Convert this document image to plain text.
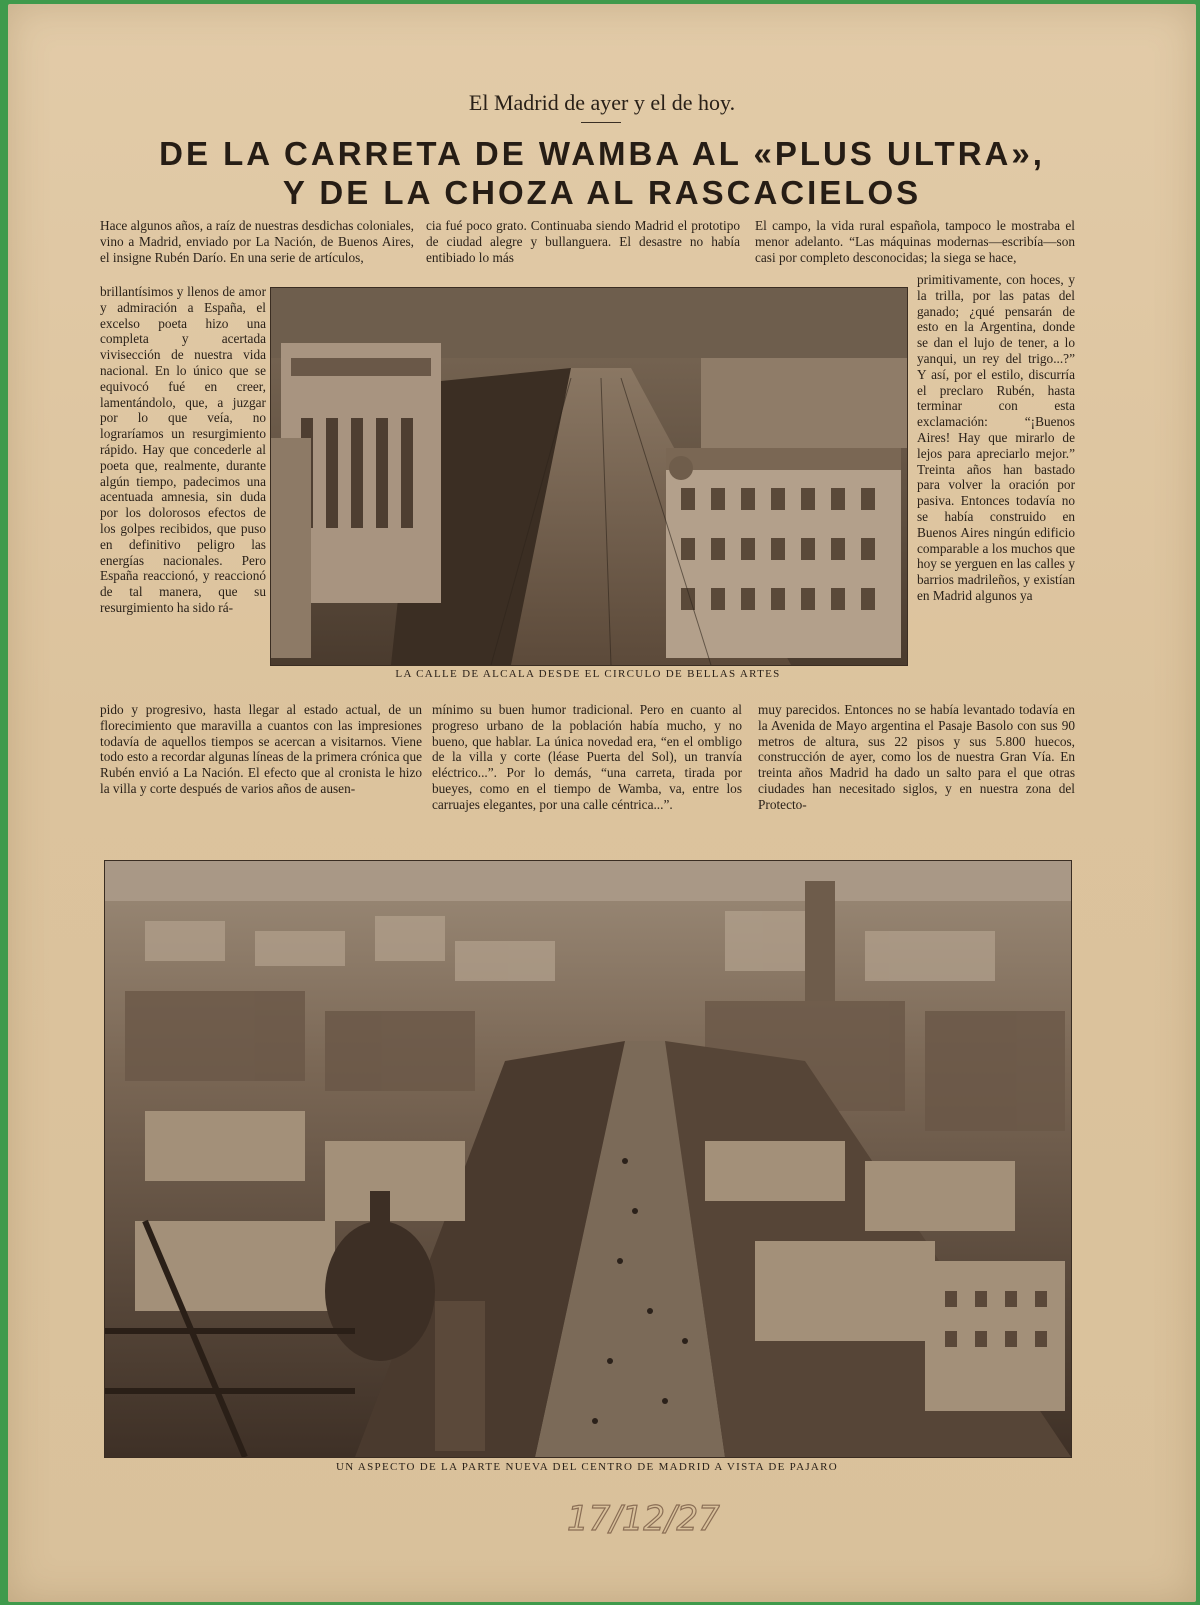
El Madrid de ayer y el de hoy.
DE LA CARRETA DE WAMBA AL «PLUS ULTRA»,
Y DE LA CHOZA AL RASCACIELOS

Hace algunos años, a raíz de nuestras desdichas coloniales, vino a Madrid, enviado por La Nación, de Buenos Aires, el insigne Rubén Darío. En una serie de artículos,

brillantísimos y llenos de amor y admiración a España, el excelso poeta hizo una completa y acertada vivisección de nuestra vida nacional. En lo único que se equivocó fué en creer, lamentándolo, que, a juzgar por lo que veía, no lograríamos un resurgimiento rápido. Hay que concederle al poeta que, realmente, durante algún tiempo, padecimos una acentuada amnesia, sin duda por los dolorosos efectos de los golpes recibidos, que puso en definitivo peligro las energías nacionales. Pero España reaccionó, y reaccionó de tal manera, que su resurgimiento ha sido rá-

pido y progresivo, hasta llegar al estado actual, de un florecimiento que maravilla a cuantos con las impresiones todavía de aquellos tiempos se acercan a visitarnos. Viene todo esto a recordar algunas líneas de la primera crónica que Rubén envió a La Nación. El efecto que al cronista le hizo la villa y corte después de varios años de ausen-

cia fué poco grato. Continuaba siendo Madrid el prototipo de ciudad alegre y bullanguera. El desastre no había entibiado lo más

mínimo su buen humor tradicional. Pero en cuanto al progreso urbano de la población había mucho, y no bueno, que hablar. La única novedad era, “en el ombligo de la villa y corte (léase Puerta del Sol), un tranvía eléctrico...”. Por lo demás, “una carreta, tirada por bueyes, como en el tiempo de Wamba, va, entre los carruajes elegantes, por una calle céntrica...”.

El campo, la vida rural española, tampoco le mostraba el menor adelanto. “Las máquinas modernas—escribía—son casi por completo desconocidas; la siega se hace,

primitivamente, con hoces, y la trilla, por las patas del ganado; ¿qué pensarán de esto en la Argentina, donde se dan el lujo de tener, a lo yanqui, un rey del trigo...?” Y así, por el estilo, discurría el preclaro Rubén, hasta terminar con esta exclamación: “¡Buenos Aires! Hay que mirarlo de lejos para apreciarlo mejor.” Treinta años han bastado para volver la oración por pasiva. Entonces todavía no se había construido en Buenos Aires ningún edificio comparable a los muchos que hoy se yerguen en las calles y barrios madrileños, y existían en Madrid algunos ya

muy parecidos. Entonces no se había levantado todavía en la Avenida de Mayo argentina el Pasaje Basolo con sus 90 metros de altura, sus 22 pisos y sus 5.800 huecos, construcción de ayer, como los de nuestra Gran Vía. En treinta años Madrid ha dado un salto para el que otras ciudades han necesitado siglos, y en nuestra zona del Protecto-

LA CALLE DE ALCALA DESDE EL CIRCULO DE BELLAS ARTES
UN ASPECTO DE LA PARTE NUEVA DEL CENTRO DE MADRID A VISTA DE PAJARO
17/12/27
